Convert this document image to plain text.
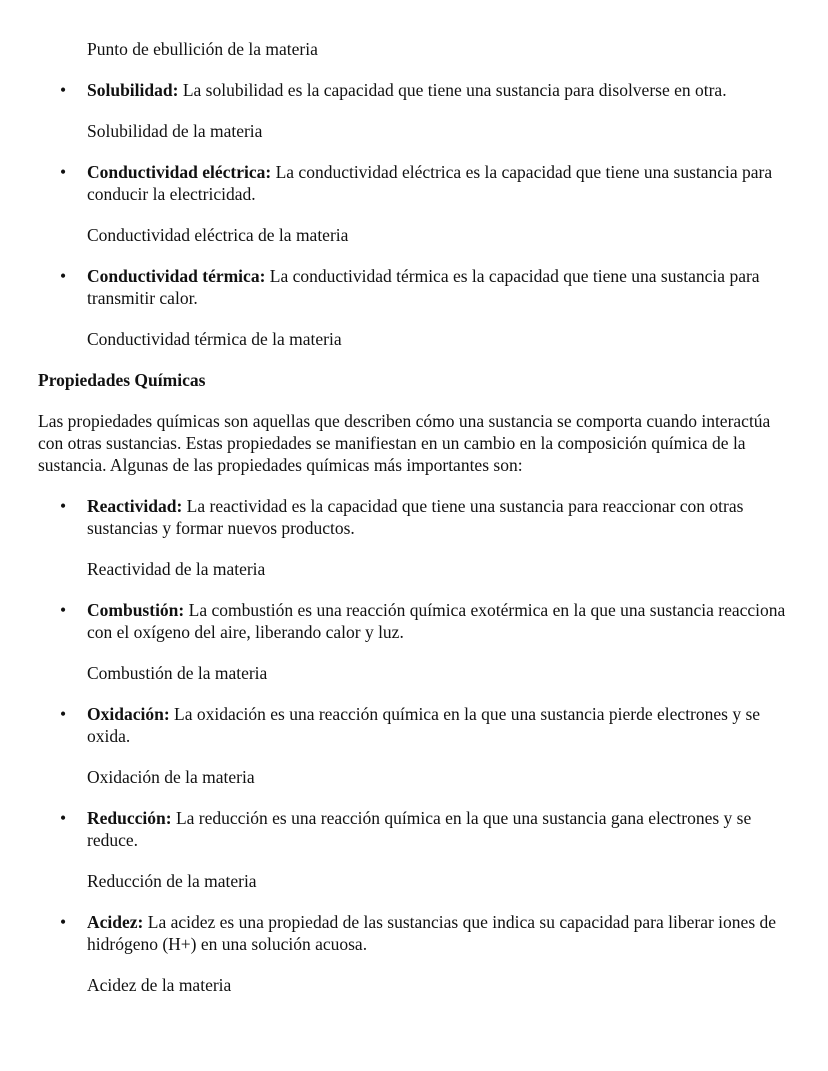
Punto de ebullición de la materia

• Solubilidad: La solubilidad es la capacidad que tiene una sustancia para disolverse en otra.

Solubilidad de la materia

• Conductividad eléctrica: La conductividad eléctrica es la capacidad que tiene una sustancia para conducir la electricidad.

Conductividad eléctrica de la materia

• Conductividad térmica: La conductividad térmica es la capacidad que tiene una sustancia para transmitir calor.

Conductividad térmica de la materia

Propiedades Químicas

Las propiedades químicas son aquellas que describen cómo una sustancia se comporta cuando interactúa con otras sustancias. Estas propiedades se manifiestan en un cambio en la composición química de la sustancia. Algunas de las propiedades químicas más importantes son:

• Reactividad: La reactividad es la capacidad que tiene una sustancia para reaccionar con otras sustancias y formar nuevos productos.

Reactividad de la materia

• Combustión: La combustión es una reacción química exotérmica en la que una sustancia reacciona con el oxígeno del aire, liberando calor y luz.

Combustión de la materia

• Oxidación: La oxidación es una reacción química en la que una sustancia pierde electrones y se oxida.

Oxidación de la materia

• Reducción: La reducción es una reacción química en la que una sustancia gana electrones y se reduce.

Reducción de la materia

• Acidez: La acidez es una propiedad de las sustancias que indica su capacidad para liberar iones de hidrógeno (H+) en una solución acuosa.

Acidez de la materia
